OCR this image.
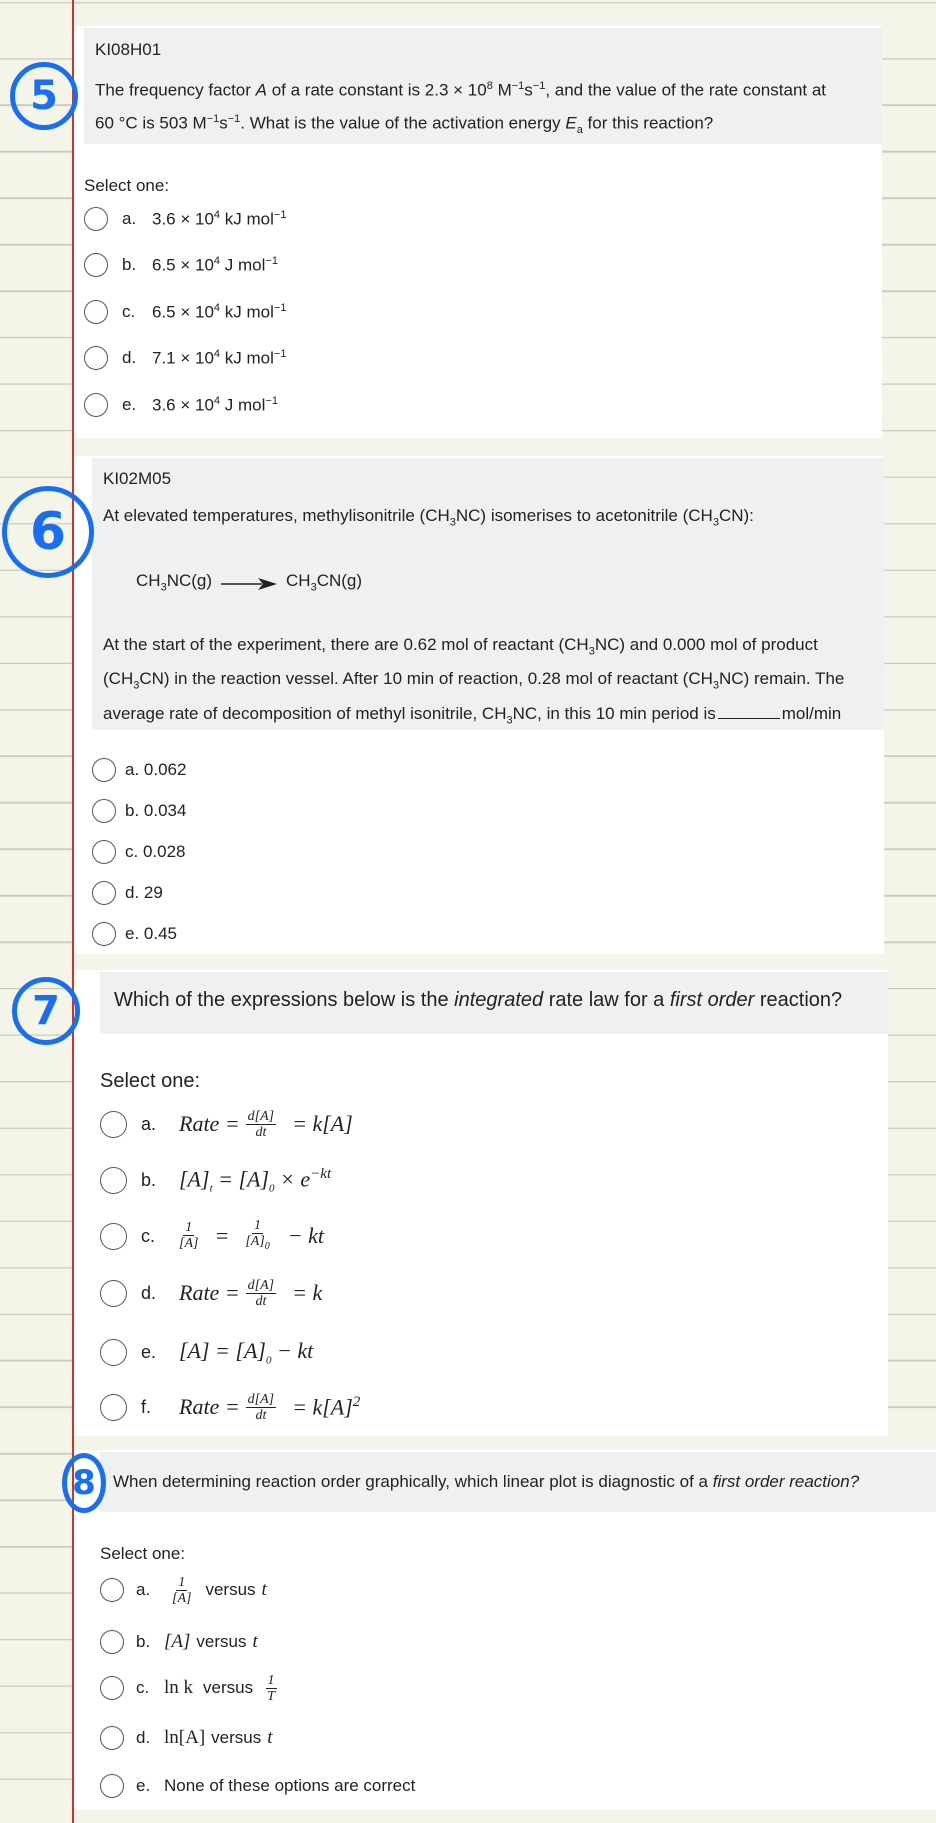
KI08H01
The frequency factor A of a rate constant is $2.3 \times 10^8$ $M^{-1}s^{-1}$, and the value of the rate constant at
60 °C is 503 $M^{-1}s^{-1}$. What is the value of the activation energy $E_a$ for this reaction?
Select one:
a. $3.6 \times 10^4$ kJ mol$^{-1}$
b. $6.5 \times 10^4$ J mol$^{-1}$
c. $6.5 \times 10^4$ kJ mol$^{-1}$
d. $7.1 \times 10^4$ kJ mol$^{-1}$
e. $3.6 \times 10^4$ J mol$^{-1}$
5
KI02M05
At elevated temperatures, methylisonitrile $(CH_3NC)$ isomerises to acetonitrile $(CH_3CN)$:
$CH_3NC(g) \to CH_3CN(g)$
At the start of the experiment, there are 0.62 mol of reactant $(CH_3NC)$ and 0.000 mol of product
$(CH_3CN)$ in the reaction vessel. After 10 min of reaction, 0.28 mol of reactant $(CH_3NC)$ remain. The
average rate of decomposition of methyl isonitrile, $CH_3NC$, in this 10 min period is	mol/min
a. 0.062
b. 0.034
c. 0.028
d. 29
e. 0.45
6
Which of the expressions below is the integrated rate law for a first order reaction?
Select one:
a.	Rate = $\frac{d[A]}{dt} = k[A]$
b.	$[A]_t = [A]_0 \times e^{-kt}$
c.	$\frac{1}{[A]} = \frac{1}{[A]_0}$ − kt
d.	Rate = $\frac{d[A]}{dt} = k$
e.	$[A] = [A]_0$ − kt
f.	Rate = $\frac{d[A]}{dt} = k[A]^2$
7
When determining reaction order graphically, which linear plot is diagnostic of a first order reaction?
Select one:
a.	$\frac{1}{[A]}$ versus t
b. [A] versus t
c. ln k versus $\frac{1}{T}$
d. ln[A] versus t
e. None of these options are correct
8
